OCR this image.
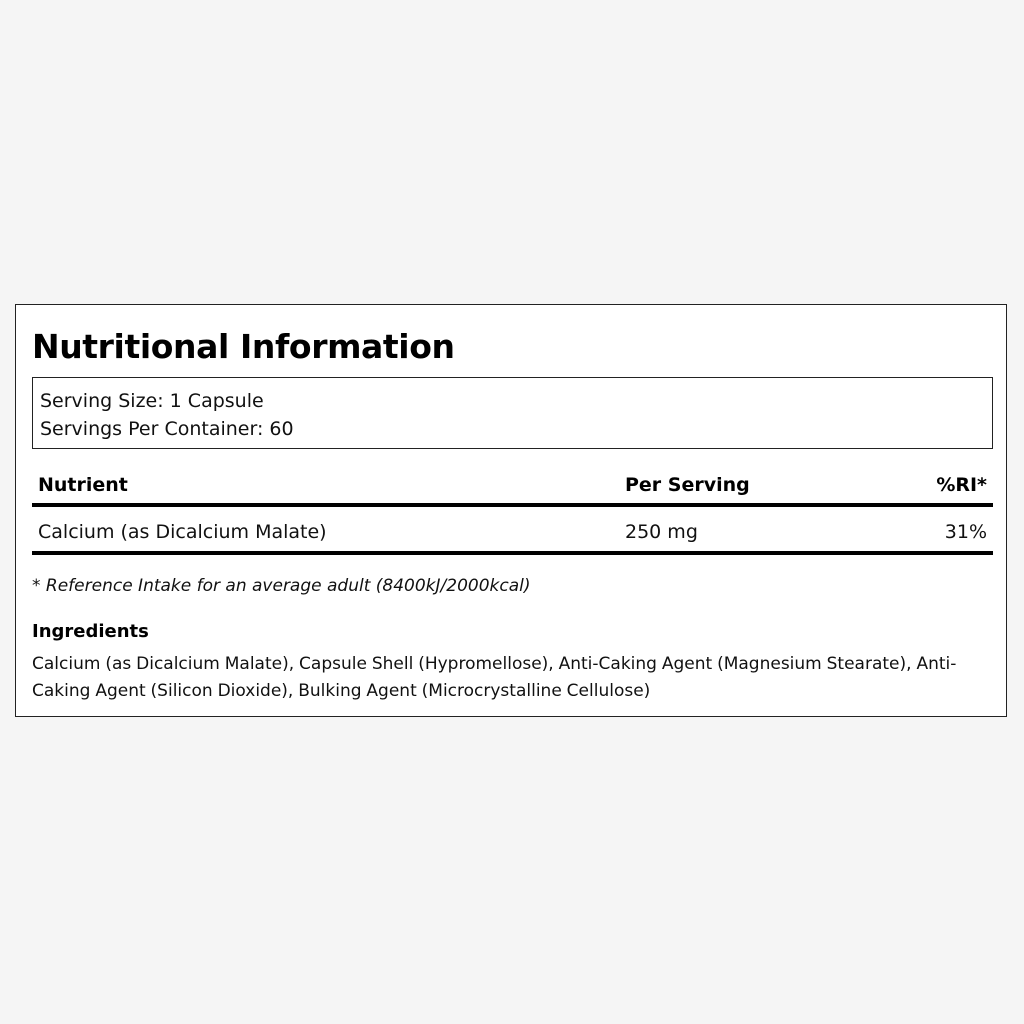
Nutritional Information
Serving Size: 1 Capsule
Servings Per Container: 60
Nutrient	Per Serving	%RI*
Calcium (as Dicalcium Malate)	250 mg	31%
* Reference Intake for an average adult (8400kJ/2000kcal)
Ingredients
Calcium (as Dicalcium Malate), Capsule Shell (Hypromellose), Anti-Caking Agent (Magnesium Stearate), Anti-Caking Agent (Silicon Dioxide), Bulking Agent (Microcrystalline Cellulose)
